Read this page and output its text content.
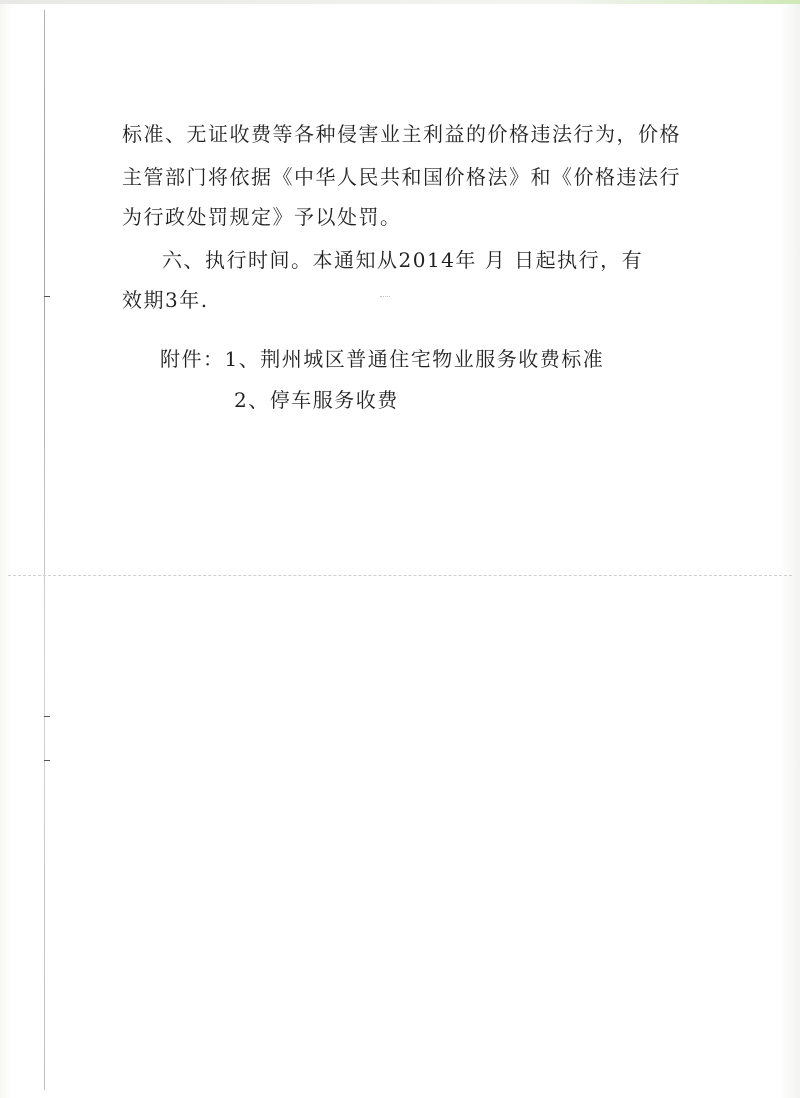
标准、无证收费等各种侵害业主利益的价格违法行为，价格
主管部门将依据《中华人民共和国价格法》和《价格违法行
为行政处罚规定》予以处罚。
六、执行时间。本通知从2014年 月 日起执行，有
效期3年.
附件：1、荆州城区普通住宅物业服务收费标准
2、停车服务收费
